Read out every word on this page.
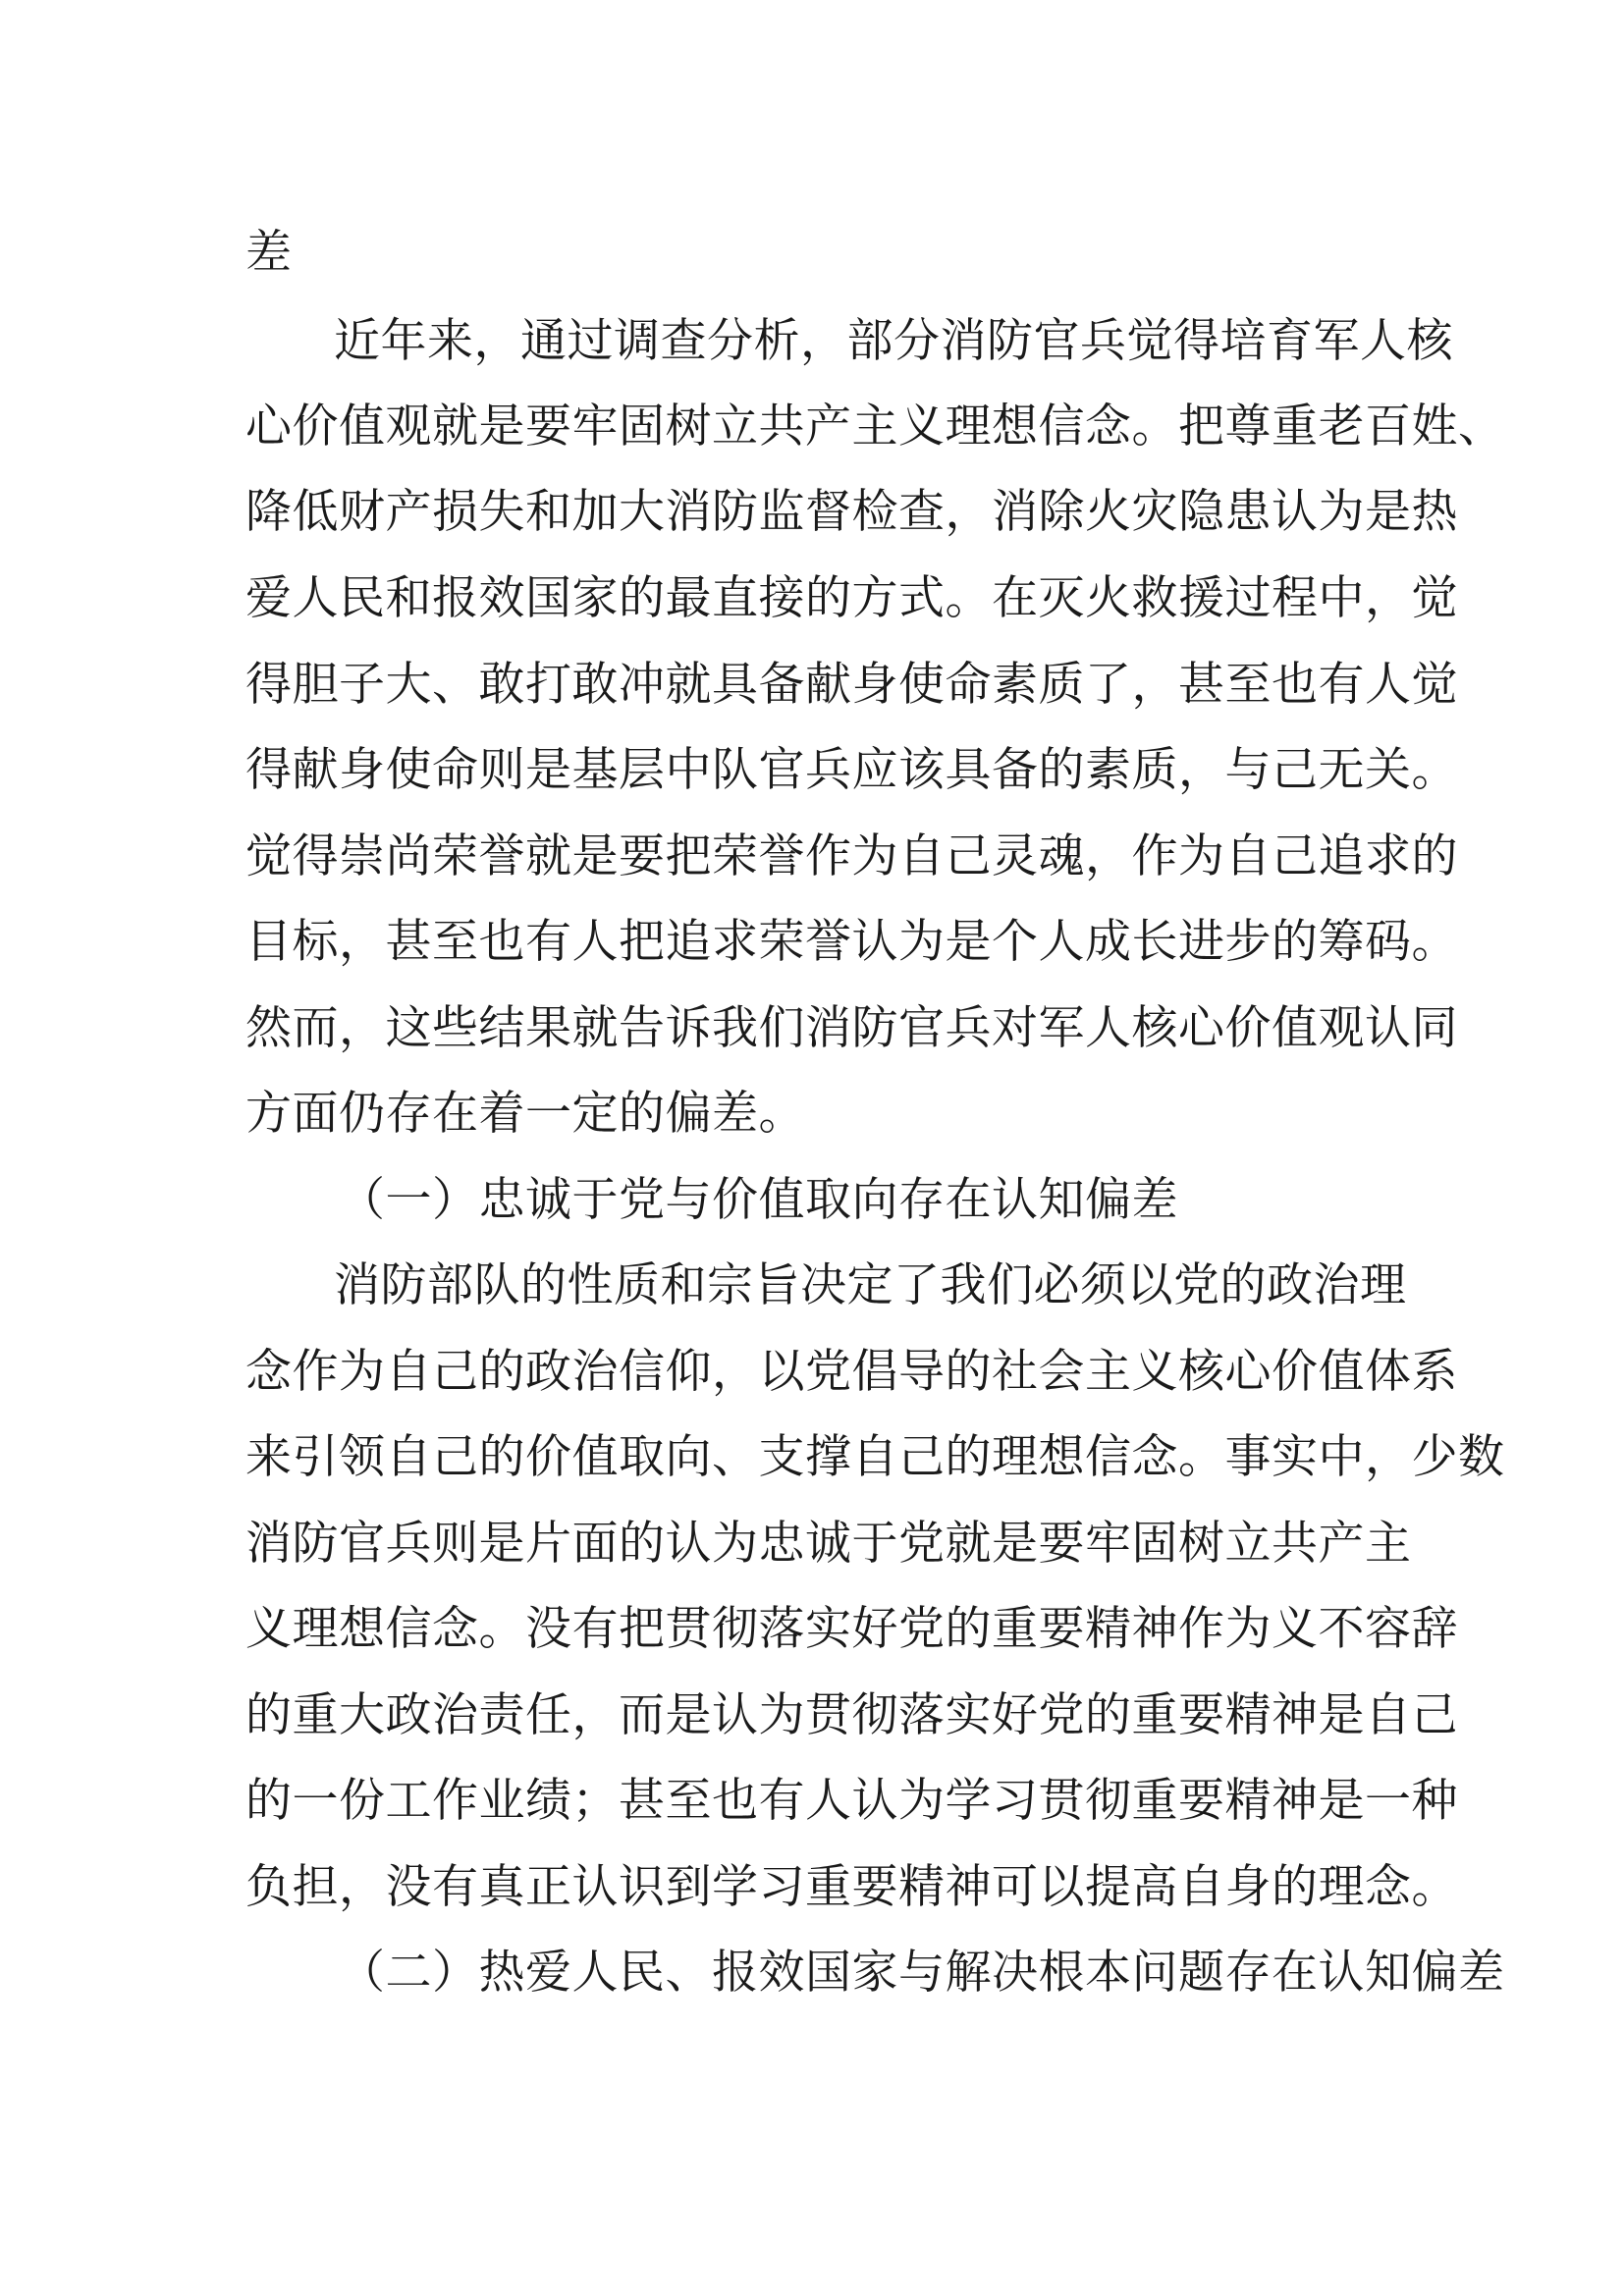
差
近年来，通过调查分析，部分消防官兵觉得培育军人核
心价值观就是要牢固树立共产主义理想信念。把尊重老百姓、
降低财产损失和加大消防监督检查，消除火灾隐患认为是热
爱人民和报效国家的最直接的方式。在灭火救援过程中，觉
得胆子大、敢打敢冲就具备献身使命素质了，甚至也有人觉
得献身使命则是基层中队官兵应该具备的素质，与己无关。
觉得崇尚荣誉就是要把荣誉作为自己灵魂，作为自己追求的
目标，甚至也有人把追求荣誉认为是个人成长进步的筹码。
然而，这些结果就告诉我们消防官兵对军人核心价值观认同
方面仍存在着一定的偏差。
（一）忠诚于党与价值取向存在认知偏差
消防部队的性质和宗旨决定了我们必须以党的政治理
念作为自己的政治信仰，以党倡导的社会主义核心价值体系
来引领自己的价值取向、支撑自己的理想信念。事实中，少数
消防官兵则是片面的认为忠诚于党就是要牢固树立共产主
义理想信念。没有把贯彻落实好党的重要精神作为义不容辞
的重大政治责任，而是认为贯彻落实好党的重要精神是自己
的一份工作业绩；甚至也有人认为学习贯彻重要精神是一种
负担，没有真正认识到学习重要精神可以提高自身的理念。
（二）热爱人民、报效国家与解决根本问题存在认知偏差
